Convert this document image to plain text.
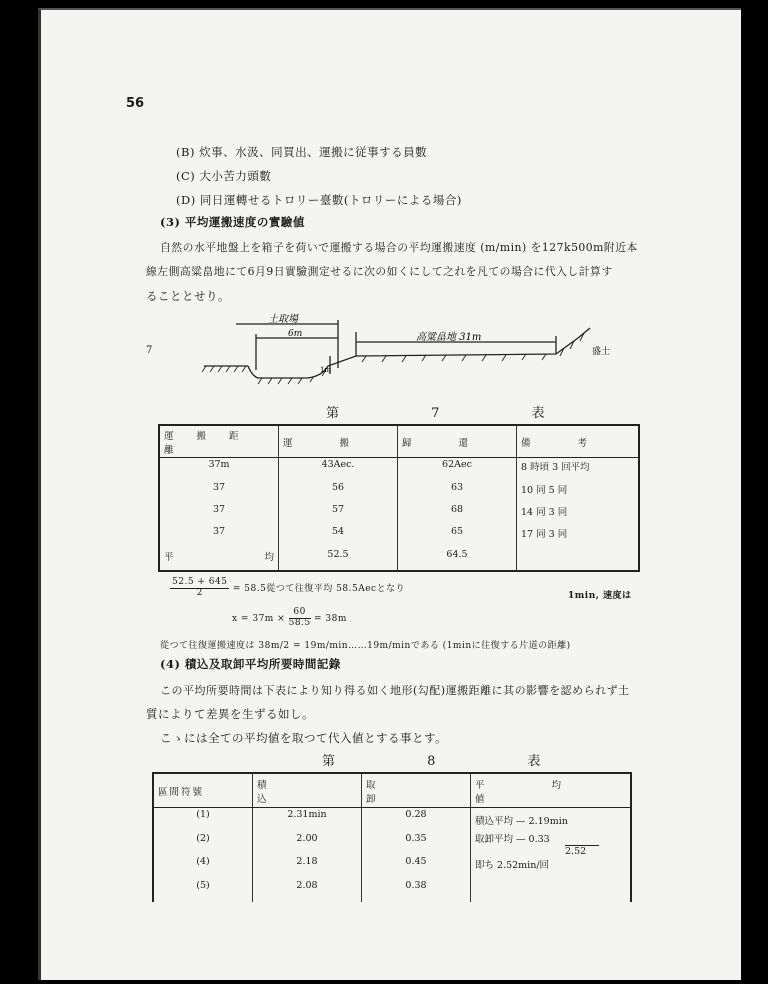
56
(B) 炊事、水汲、同買出、運搬に従事する員數
(C) 大小苦力頭數
(D) 同日運轉せるトロリー臺數(トロリーによる場合)
(3) 平均運搬速度の實驗値
自然の水平地盤上を箱子を荷いで運搬する場合の平均運搬速度 (m/min) を127k500m附近本
線左側高粱畠地にて6月9日實驗測定せるに次の如くにして之れを凡ての場合に代入し計算す
ることとせり。
土取場
6m
1m
高粱畠地 31m
盛土
7
第 7 表
運 搬 距 離	運 搬	歸 還	備 考
37m	43Aec.	62Aec	8 時頃 3 回平均
37	56	63	10 同 5 同
37	57	68	14 同 3 同
37	54	65	17 同 3 同
平 均	52.5	64.5	
$\frac{52.5 + 645}{2} = 58.5$從つて往復平均 58.5Aecとなり
1min, 速度は
$x = 37m \times \frac{60}{58.5} = 38m$
從つて往復運搬速度は 38m/2 = 19m/min……19m/minである (1minに往復する片道の距離)
(4) 積込及取卸平均所要時間記錄
この平均所要時間は下表により知り得る如く地形(勾配)運搬距離に其の影響を認められず土
質によりて差異を生ずる如し。
こゝには全ての平均値を取つて代入値とする事とす。
第 8 表
區間符號	積 込	取 卸	平 均 値
(1)	2.31min	0.28	積込平均 — 2.19min
取卸平均 — 0.33
2.52
即ち 2.52min/回

(2)	2.00	0.35	
(4)	2.18	0.45	
(5)	2.08	0.38	
